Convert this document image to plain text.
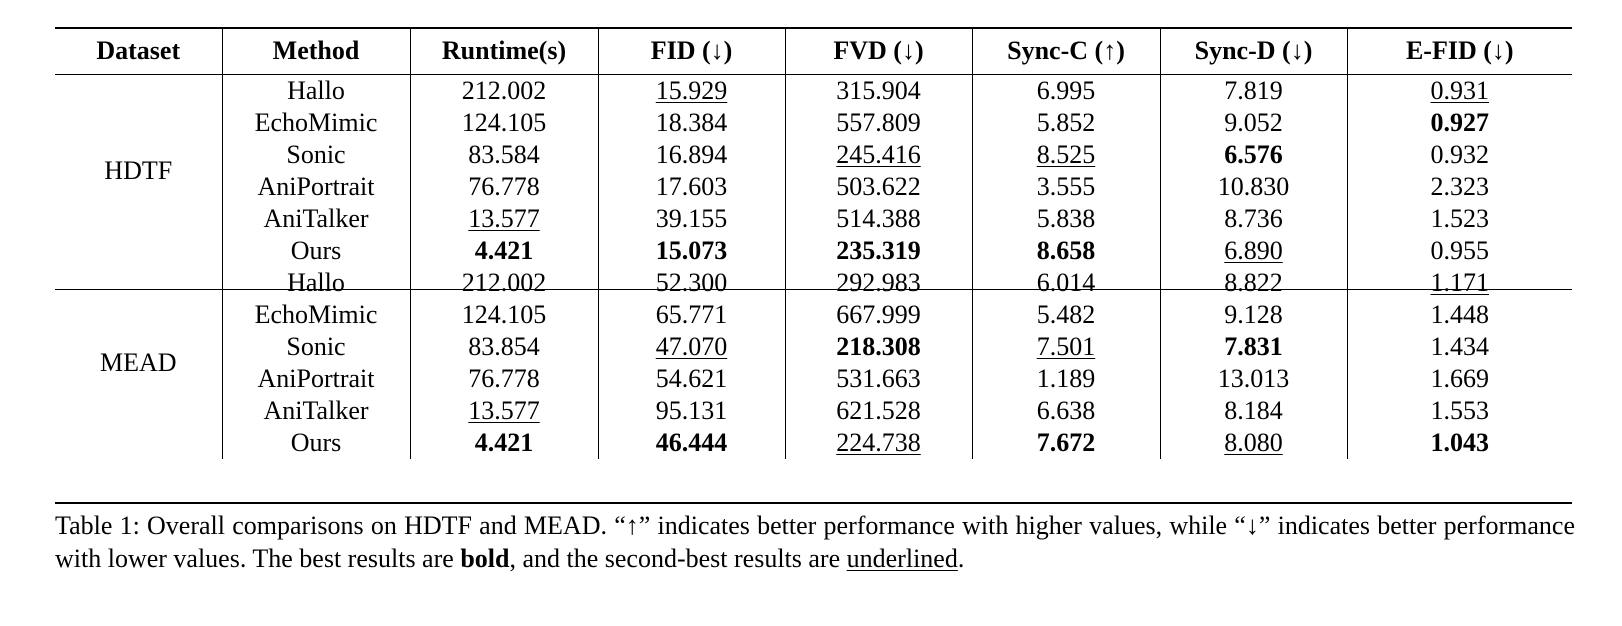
Dataset	Method	Runtime(s)	FID (↓)	FVD (↓)	Sync-C (↑)	Sync-D (↓)	E-FID (↓)
HDTF	Hallo	212.002	15.929	315.904	6.995	7.819	0.931
	EchoMimic	124.105	18.384	557.809	5.852	9.052	0.927
	Sonic	83.584	16.894	245.416	8.525	6.576	0.932
	AniPortrait	76.778	17.603	503.622	3.555	10.830	2.323
	AniTalker	13.577	39.155	514.388	5.838	8.736	1.523
	Ours	4.421	15.073	235.319	8.658	6.890	0.955
MEAD	Hallo	212.002	52.300	292.983	6.014	8.822	1.171
	EchoMimic	124.105	65.771	667.999	5.482	9.128	1.448
	Sonic	83.854	47.070	218.308	7.501	7.831	1.434
	AniPortrait	76.778	54.621	531.663	1.189	13.013	1.669
	AniTalker	13.577	95.131	621.528	6.638	8.184	1.553
	Ours	4.421	46.444	224.738	7.672	8.080	1.043
Table 1: Overall comparisons on HDTF and MEAD. “↑” indicates better performance with higher values, while “↓” indicates better performance with lower values. The best results are bold, and the second-best results are underlined.
